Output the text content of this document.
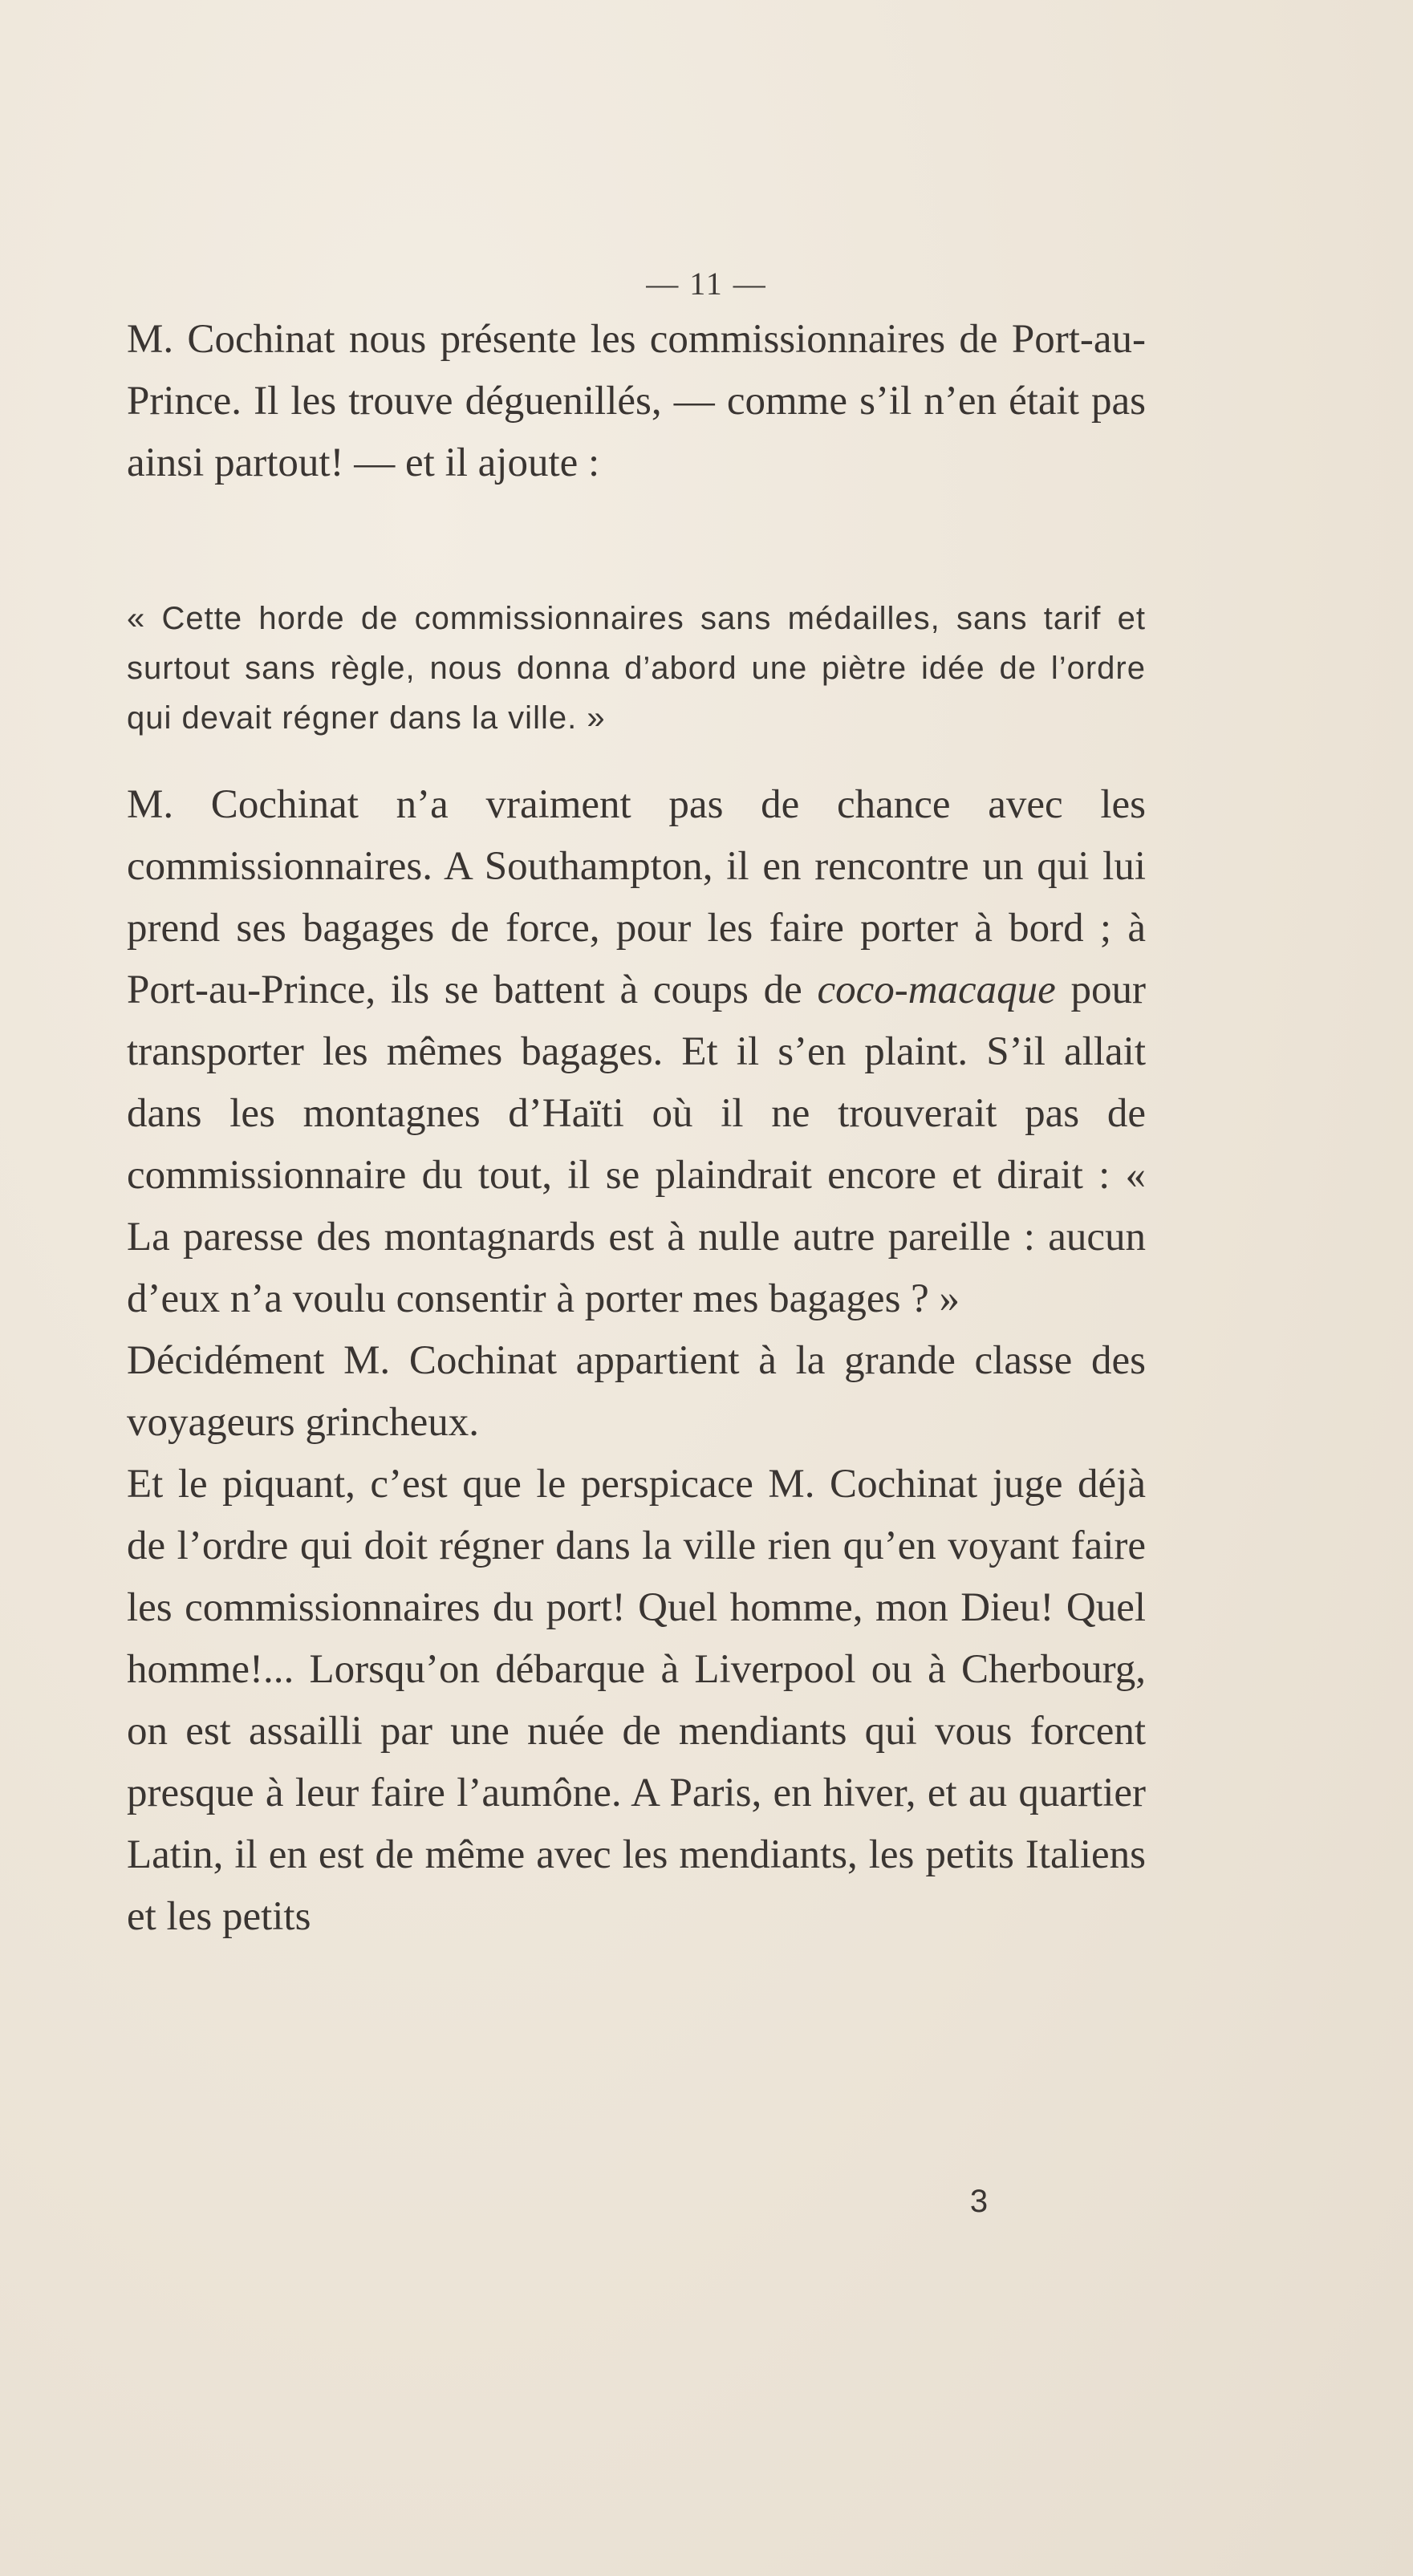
— 11 —

M. Cochinat nous présente les commissionnaires de Port-au-Prince. Il les trouve déguenillés, — comme s’il n’en était pas ainsi partout! — et il ajoute :

« Cette horde de commissionnaires sans médailles, sans tarif et surtout sans règle, nous donna d’abord une piètre idée de l’ordre qui devait régner dans la ville. »

M. Cochinat n’a vraiment pas de chance avec les commissionnaires. A Southampton, il en rencontre un qui lui prend ses bagages de force, pour les faire porter à bord ; à Port-au-Prince, ils se battent à coups de coco-macaque pour transporter les mêmes bagages. Et il s’en plaint. S’il allait dans les montagnes d’Haïti où il ne trouverait pas de commissionnaire du tout, il se plaindrait encore et dirait : « La paresse des montagnards est à nulle autre pareille : aucun d’eux n’a voulu consentir à porter mes bagages ? »

Décidément M. Cochinat appartient à la grande classe des voyageurs grincheux.

Et le piquant, c’est que le perspicace M. Cochinat juge déjà de l’ordre qui doit régner dans la ville rien qu’en voyant faire les commissionnaires du port! Quel homme, mon Dieu! Quel homme!... Lorsqu’on débarque à Liverpool ou à Cherbourg, on est assailli par une nuée de mendiants qui vous forcent presque à leur faire l’aumône. A Paris, en hiver, et au quartier Latin, il en est de même avec les mendiants, les petits Italiens et les petits

3
